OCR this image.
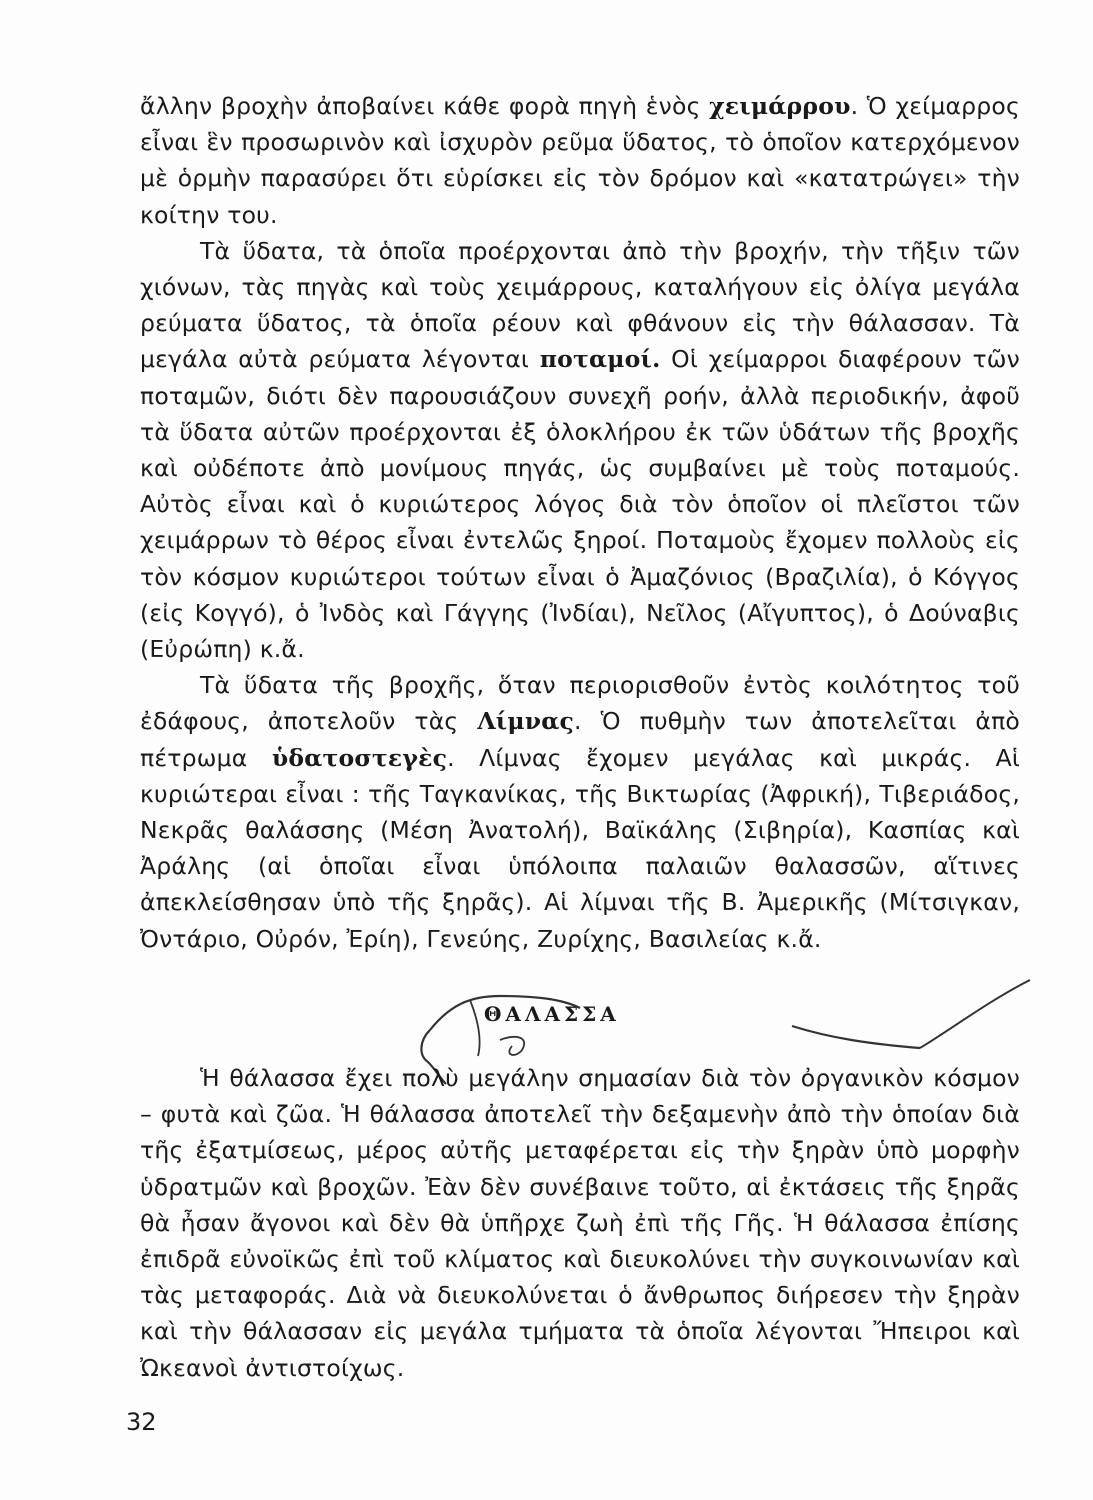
ἄλλην βροχὴν ἀποβαίνει κάθε φορὰ πηγὴ ἑνὸς χειμάρρου. Ὁ χείμαρρος εἶναι ἓν προσωρινὸν καὶ ἰσχυρὸν ρεῦμα ὕδατος, τὸ ὁποῖον κατερχόμενον μὲ ὁρμὴν παρασύρει ὅτι εὑρίσκει εἰς τὸν δρόμον καὶ «κατατρώγει» τὴν κοίτην του.

Τὰ ὕδατα, τὰ ὁποῖα προέρχονται ἀπὸ τὴν βροχήν, τὴν τῆξιν τῶν χιόνων, τὰς πηγὰς καὶ τοὺς χειμάρρους, καταλήγουν εἰς ὀλίγα μεγάλα ρεύματα ὕδατος, τὰ ὁποῖα ρέουν καὶ φθάνουν εἰς τὴν θάλασσαν. Τὰ μεγάλα αὐτὰ ρεύματα λέγονται ποταμοί. Οἱ χείμαρροι διαφέρουν τῶν ποταμῶν, διότι δὲν παρουσιάζουν συνεχῆ ροήν, ἀλλὰ περιοδικήν, ἀφοῦ τὰ ὕδατα αὐτῶν προέρχονται ἐξ ὁλοκλήρου ἐκ τῶν ὑδάτων τῆς βροχῆς καὶ οὐδέποτε ἀπὸ μονίμους πηγάς, ὡς συμβαίνει μὲ τοὺς ποταμούς. Αὐτὸς εἶναι καὶ ὁ κυριώτερος λόγος διὰ τὸν ὁποῖον οἱ πλεῖστοι τῶν χειμάρρων τὸ θέρος εἶναι ἐντελῶς ξηροί. Ποταμοὺς ἔχομεν πολλοὺς εἰς τὸν κόσμον κυριώτεροι τούτων εἶναι ὁ Ἀμαζόνιος (Βραζιλία), ὁ Κόγγος (εἰς Κογγό), ὁ Ἰνδὸς καὶ Γάγγης (Ἰνδίαι), Νεῖλος (Αἴγυπτος), ὁ Δούναβις (Εὐρώπη) κ.ἄ.

Τὰ ὕδατα τῆς βροχῆς, ὅταν περιορισθοῦν ἐντὸς κοιλότητος τοῦ ἐδάφους, ἀποτελοῦν τὰς Λίμνας. Ὁ πυθμὴν των ἀποτελεῖται ἀπὸ πέτρωμα ὑδατοστεγὲς. Λίμνας ἔχομεν μεγάλας καὶ μικράς. Αἱ κυριώτεραι εἶναι : τῆς Ταγκανίκας, τῆς Βικτωρίας (Ἀφρική), Τιβεριάδος, Νεκρᾶς θαλάσσης (Μέση Ἀνατολή), Βαϊκάλης (Σιβηρία), Κασπίας καὶ Ἀράλης (αἱ ὁποῖαι εἶναι ὑπόλοιπα παλαιῶν θαλασσῶν, αἵτινες ἀπεκλείσθησαν ὑπὸ τῆς ξηρᾶς). Αἱ λίμναι τῆς Β. Ἀμερικῆς (Μίτσιγκαν, Ὀντάριο, Οὐρόν, Ἐρίη), Γενεύης, Ζυρίχης, Βασιλείας κ.ἄ.

ΘΑΛΑΣΣΑ

Ἡ θάλασσα ἔχει πολὺ μεγάλην σημασίαν διὰ τὸν ὀργανικὸν κόσμον – φυτὰ καὶ ζῶα. Ἡ θάλασσα ἀποτελεῖ τὴν δεξαμενὴν ἀπὸ τὴν ὁποίαν διὰ τῆς ἐξατμίσεως, μέρος αὐτῆς μεταφέρεται εἰς τὴν ξηρὰν ὑπὸ μορφὴν ὑδρατμῶν καὶ βροχῶν. Ἐὰν δὲν συνέβαινε τοῦτο, αἱ ἐκτάσεις τῆς ξηρᾶς θὰ ἦσαν ἄγονοι καὶ δὲν θὰ ὑπῆρχε ζωὴ ἐπὶ τῆς Γῆς. Ἡ θάλασσα ἐπίσης ἐπιδρᾶ εὐνοϊκῶς ἐπὶ τοῦ κλίματος καὶ διευκολύνει τὴν συγκοινωνίαν καὶ τὰς μεταφοράς. Διὰ νὰ διευκολύνεται ὁ ἄνθρωπος διήρεσεν τὴν ξηρὰν καὶ τὴν θάλασσαν εἰς μεγάλα τμήματα τὰ ὁποῖα λέγονται Ἤπειροι καὶ Ὠκεανοὶ ἀντιστοίχως.

32
